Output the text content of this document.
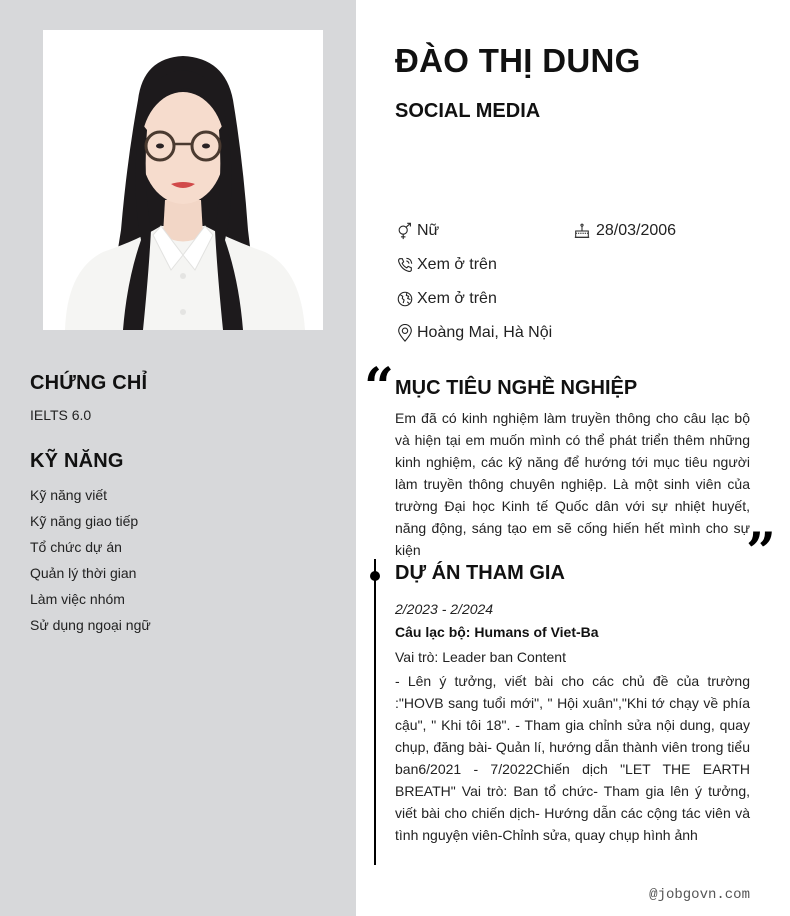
CHỨNG CHỈ
IELTS 6.0
KỸ NĂNG
Kỹ năng viết
Kỹ năng giao tiếp
Tổ chức dự án
Quản lý thời gian
Làm việc nhóm
Sử dụng ngoại ngữ
ĐÀO THỊ DUNG
SOCIAL MEDIA
Nữ	28/03/2006
Xem ở trên
Xem ở trên
Hoàng Mai, Hà Nội
“ MỤC TIÊU NGHỀ NGHIỆP
Em đã có kinh nghiệm làm truyền thông cho câu lạc bộ và hiện tại em muốn mình có thể phát triển thêm những kinh nghiệm, các kỹ năng để hướng tới mục tiêu người làm truyền thông chuyên nghiệp. Là một sinh viên của trường Đại học Kinh tế Quốc dân với sự nhiệt huyết, năng động, sáng tạo em sẽ cống hiến hết mình cho sự kiện	”
DỰ ÁN THAM GIA
2/2023 - 2/2024
Câu lạc bộ: Humans of Viet-Ba
Vai trò: Leader ban Content
- Lên ý tưởng, viết bài cho các chủ đề của trường :"HOVB sang tuổi mới", " Hội xuân","Khi tớ chạy về phía cậu", " Khi tôi 18". - Tham gia chỉnh sửa nội dung, quay chụp, đăng bài- Quản lí, hướng dẫn thành viên trong tiểu ban6/2021 - 7/2022Chiến dịch "LET THE EARTH BREATH" Vai trò: Ban tổ chức- Tham gia lên ý tưởng, viết bài cho chiến dịch- Hướng dẫn các cộng tác viên và tình nguyện viên-Chỉnh sửa, quay chụp hình ảnh
@jobgovn.com
